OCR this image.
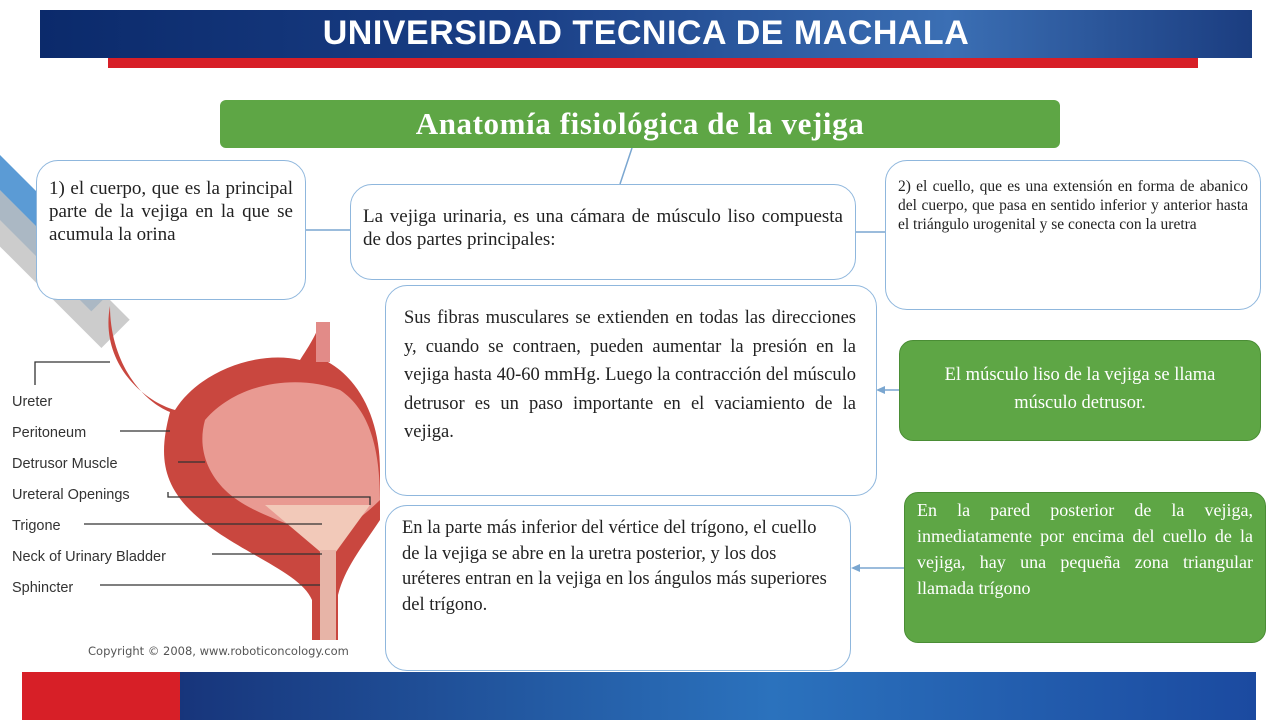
UNIVERSIDAD TECNICA DE MACHALA
Anatomía fisiológica de la vejiga
1) el cuerpo, que es la principal parte de la vejiga en la que se acumula la orina
La vejiga urinaria, es una cámara de músculo liso compuesta de dos partes principales:
2) el cuello, que es una extensión en forma de abanico del cuerpo, que pasa en sentido inferior y anterior hasta el triángulo urogenital y se conecta con la uretra
Sus fibras musculares se extienden en todas las direcciones y, cuando se contraen, pueden aumentar la presión en la vejiga hasta 40-60 mmHg. Luego la contracción del músculo detrusor es un paso importante en el vaciamiento de la vejiga.
En la parte más inferior del vértice del trígono, el cuello de la vejiga se abre en la uretra posterior, y los dos uréteres entran en la vejiga en los ángulos más superiores del trígono.
El músculo liso de la vejiga se llama músculo detrusor.
En la pared posterior de la vejiga, inmediatamente por encima del cuello de la vejiga, hay una pequeña zona triangular llamada trígono
Ureter
Peritoneum
Detrusor Muscle
Ureteral Openings
Trigone
Neck of Urinary Bladder
Sphincter
Copyright © 2008, www.roboticoncology.com
